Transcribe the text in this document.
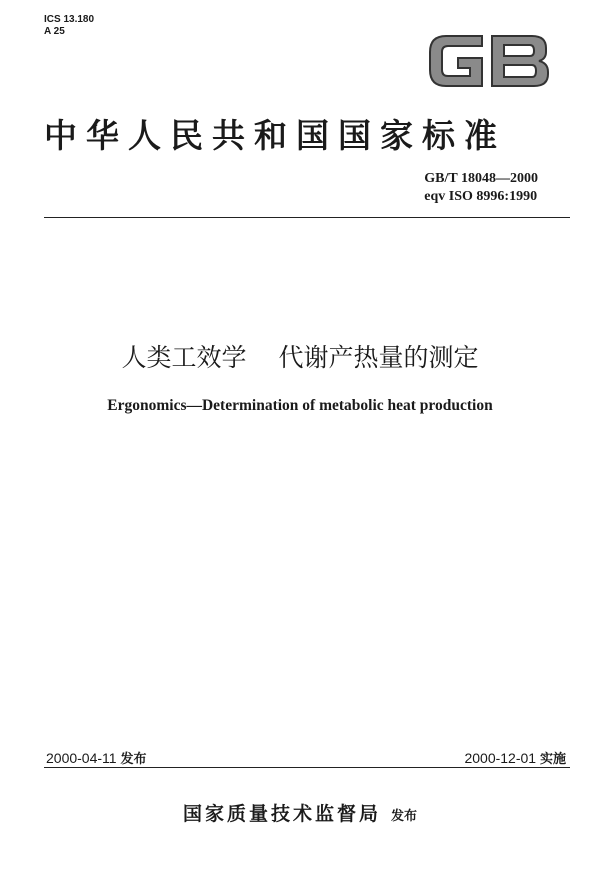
ICS 13.180
A 25
中华人民共和国国家标准
GB/T 18048—2000
eqv ISO 8996:1990
人类工效学 代谢产热量的测定
Ergonomics—Determination of metabolic heat production
2000-04-11 发布	2000-12-01 实施
国家质量技术监督局 发布
